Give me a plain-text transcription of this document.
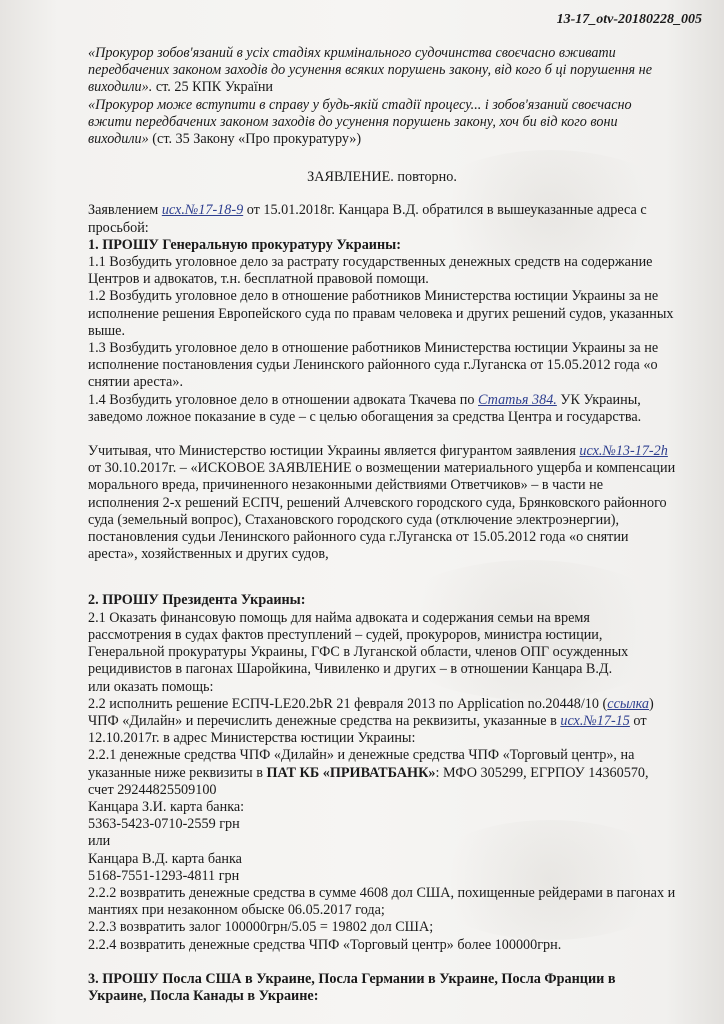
13-17_otv-20180228_005

«Прокурор зобов'язаний в усіх стадіях кримінального судочинства своєчасно вживати передбачених законом заходів до усунення всяких порушень закону, від кого б ці порушення не виходили». ст. 25 КПК України

«Прокурор може вступити в справу у будь-якій стадії процесу... і зобов'язаний своєчасно вжити передбачених законом заходів до усунення порушень закону, хоч би від кого вони виходили» (ст. 35 Закону «Про прокуратуру»)

ЗАЯВЛЕНИЕ. повторно.

Заявлением исх.№17-18-9 от 15.01.2018г. Канцара В.Д. обратился в вышеуказанные адреса с просьбой:

1. ПРОШУ Генеральную прокуратуру Украины:

1.1 Возбудить уголовное дело за растрату государственных денежных средств на содержание Центров и адвокатов, т.н. бесплатной правовой помощи.

1.2 Возбудить уголовное дело в отношение работников Министерства юстиции Украины за не исполнение решения Европейского суда по правам человека и других решений судов, указанных выше.

1.3 Возбудить уголовное дело в отношение работников Министерства юстиции Украины за не исполнение постановления судьи Ленинского районного суда г.Луганска от 15.05.2012 года «о снятии ареста».

1.4 Возбудить уголовное дело в отношении адвоката Ткачева по Статья 384. УК Украины, заведомо ложное показание в суде – с целью обогащения за средства Центра и государства.

Учитывая, что Министерство юстиции Украины является фигурантом заявления исх.№13-17-2h от 30.10.2017г. – «ИСКОВОЕ ЗАЯВЛЕНИЕ о возмещении материального ущерба и компенсации морального вреда, причиненного незаконными действиями Ответчиков» – в части не исполнения 2-х решений ЕСПЧ, решений Алчевского городского суда, Брянковского районного суда (земельный вопрос), Стахановского городского суда (отключение электроэнергии), постановления судьи Ленинского районного суда г.Луганска от 15.05.2012 года «о снятии ареста», хозяйственных и других судов,

2. ПРОШУ Президента Украины:

2.1 Оказать финансовую помощь для найма адвоката и содержания семьи на время рассмотрения в судах фактов преступлений – судей, прокуроров, министра юстиции, Генеральной прокуратуры Украины, ГФС в Луганской области, членов ОПГ осужденных рецидивистов в пагонах Шаройкина, Чивиленко и других – в отношении Канцара В.Д.

или оказать помощь:

2.2 исполнить решение ЕСПЧ-LE20.2bR 21 февраля 2013 по Application no.20448/10 (ссылка) ЧПФ «Дилайн» и перечислить денежные средства на реквизиты, указанные в исх.№17-15 от 12.10.2017г. в адрес Министерства юстиции Украины:

2.2.1 денежные средства ЧПФ «Дилайн» и денежные средства ЧПФ «Торговый центр», на указанные ниже реквизиты в ПАТ КБ «ПРИВАТБАНК»: МФО 305299, ЕГРПОУ 14360570, счет 29244825509100

Канцара З.И. карта банка:

5363-5423-0710-2559 грн

или

Канцара В.Д. карта банка

5168-7551-1293-4811 грн

2.2.2 возвратить денежные средства в сумме 4608 дол США, похищенные рейдерами в пагонах и мантиях при незаконном обыске 06.05.2017 года;

2.2.3 возвратить залог 100000грн/5.05 = 19802 дол США;

2.2.4 возвратить денежные средства ЧПФ «Торговый центр» более 100000грн.

3. ПРОШУ Посла США в Украине, Посла Германии в Украине, Посла Франции в Украине, Посла Канады в Украине:
